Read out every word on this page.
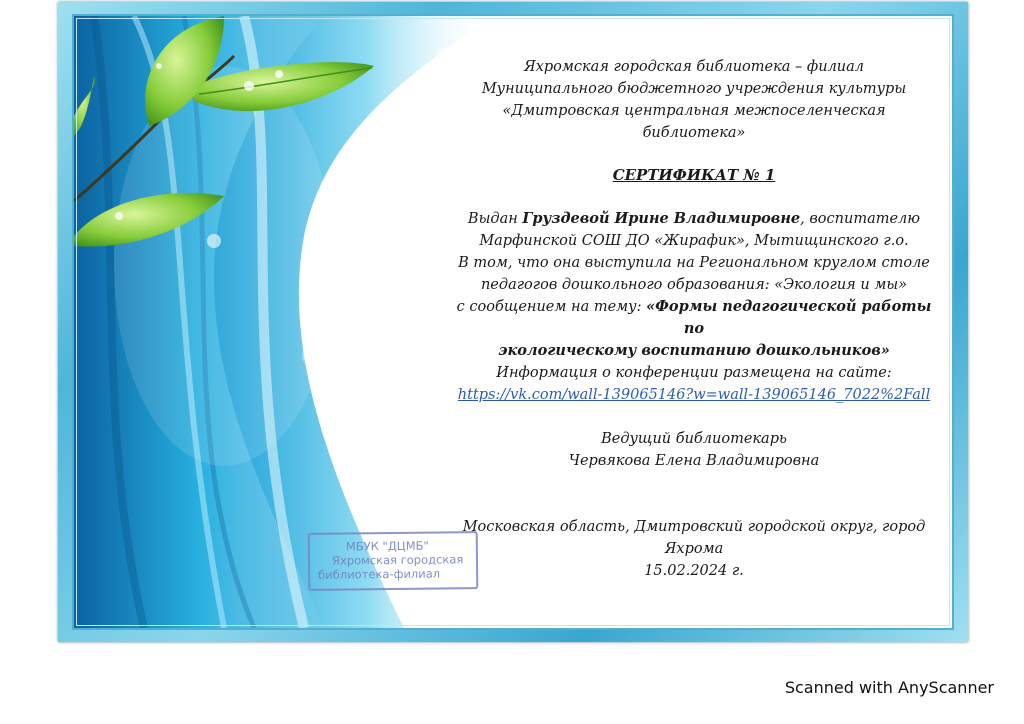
Яхромская городская библиотека – филиал

Муниципального бюджетного учреждения культуры

«Дмитровская центральная межпоселенческая библиотека»

СЕРТИФИКАТ № 1

Выдан Груздевой Ирине Владимировне, воспитателю

Марфинской СОШ ДО «Жирафик», Мытищинского г.о.

В том, что она выступила на Региональном круглом столе

педагогов дошкольного образования: «Экология и мы»

с сообщением на тему: «Формы педагогической работы по

экологическому воспитанию дошкольников»

Информация о конференции размещена на сайте:

https://vk.com/wall-139065146?w=wall-139065146_7022%2Fall

Ведущий библиотекарь

Червякова Елена Владимировна

Московская область, Дмитровский городской округ, город Яхрома

15.02.2024 г.

МБУК "ДЦМБ"

Яхромская городская

библиотека-филиал

Scanned with AnyScanner
